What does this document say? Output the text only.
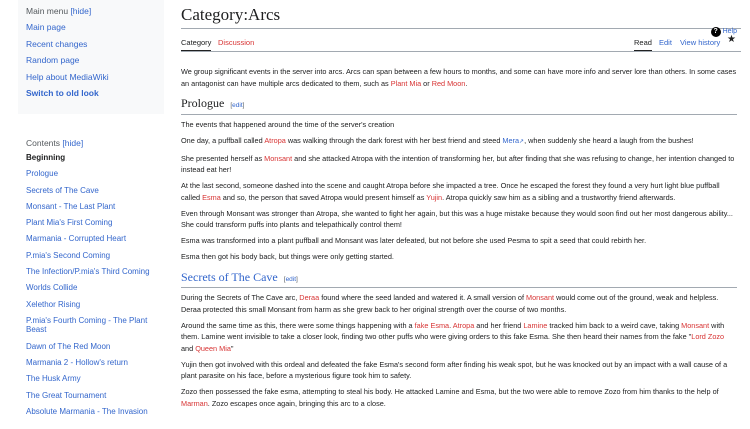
Main menu [hide]
Main page
Recent changes
Random page
Help about MediaWiki
Switch to old look
Contents [hide]
Beginning
Prologue
Secrets of The Cave
Monsant - The Last Plant
Plant Mia's First Coming
Marmania - Corrupted Heart
P.mia's Second Coming
The Infection/P.mia's Third Coming
Worlds Collide
Xelethor Rising
P.mia's Fourth Coming - The Plant Beast
Dawn of The Red Moon
Marmania 2 - Hollow's return
The Husk Army
The Great Tournament
Absolute Marmania - The Invasion
Category:Arcs
Category Discussion	Read Edit View history ★
? Help

We group significant events in the server into arcs. Arcs can span between a few hours to months, and some can have more info and server lore than others. In some cases an antagonist can have multiple arcs dedicated to them, such as Plant Mia or Red Moon.

Prologue [edit]

The events that happened around the time of the server's creation

One day, a puffball called Atropa was walking through the dark forest with her best friend and steed Mera↗, when suddenly she heard a laugh from the bushes!

She presented herself as Monsant and she attacked Atropa with the intention of transforming her, but after finding that she was refusing to change, her intention changed to instead eat her!

At the last second, someone dashed into the scene and caught Atropa before she impacted a tree. Once he escaped the forest they found a very hurt light blue puffball called Esma and so, the person that saved Atropa would present himself as Yujin. Atropa quickly saw him as a sibling and a trustworthy friend afterwards.

Even through Monsant was stronger than Atropa, she wanted to fight her again, but this was a huge mistake because they would soon find out her most dangerous ability... She could transform puffs into plants and telepathically control them!

Esma was transformed into a plant puffball and Monsant was later defeated, but not before she used Pesma to spit a seed that could rebirth her.

Esma then got his body back, but things were only getting started.

Secrets of The Cave [edit]

During the Secrets of The Cave arc, Deraa found where the seed landed and watered it. A small version of Monsant would come out of the ground, weak and helpless. Deraa protected this small Monsant from harm as she grew back to her original strength over the course of two months.

Around the same time as this, there were some things happening with a fake Esma. Atropa and her friend Lamine tracked him back to a weird cave, taking Monsant with them. Lamine went invisible to take a closer look, finding two other puffs who were giving orders to this fake Esma. She then heard their names from the fake "Lord Zozo and Queen Mia"

Yujin then got involved with this ordeal and defeated the fake Esma's second form after finding his weak spot, but he was knocked out by an impact with a wall cause of a plant parasite on his face, before a mysterious figure took him to safety.

Zozo then possessed the fake esma, attempting to steal his body. He attacked Lamine and Esma, but the two were able to remove Zozo from him thanks to the help of Marman. Zozo escapes once again, bringing this arc to a close.
